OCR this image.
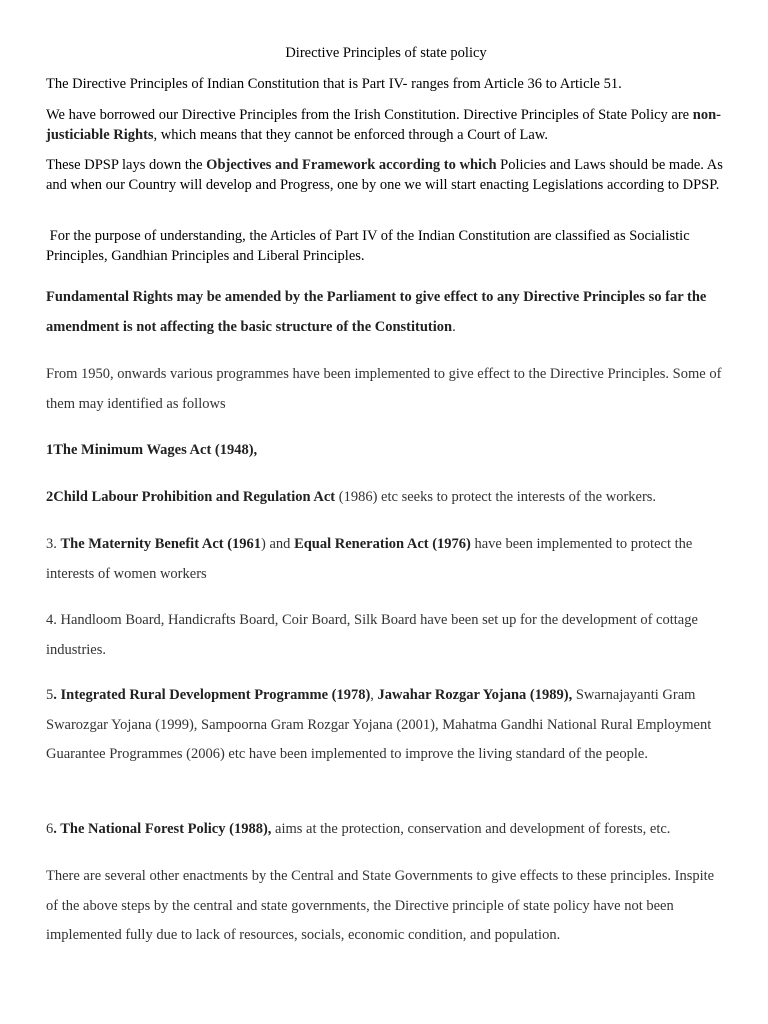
Directive Principles of state policy

The Directive Principles of Indian Constitution that is Part IV- ranges from Article 36 to Article 51.

We have borrowed our Directive Principles from the Irish Constitution. Directive Principles of State Policy are non-justiciable Rights, which means that they cannot be enforced through a Court of Law.

These DPSP lays down the Objectives and Framework according to which Policies and Laws should be made. As and when our Country will develop and Progress, one by one we will start enacting Legislations according to DPSP.

For the purpose of understanding, the Articles of Part IV of the Indian Constitution are classified as Socialistic Principles, Gandhian Principles and Liberal Principles.

Fundamental Rights may be amended by the Parliament to give effect to any Directive Principles so far the amendment is not affecting the basic structure of the Constitution.

From 1950, onwards various programmes have been implemented to give effect to the Directive Principles. Some of them may identified as follows

1The Minimum Wages Act (1948),

2Child Labour Prohibition and Regulation Act (1986) etc seeks to protect the interests of the workers.

3. The Maternity Benefit Act (1961) and Equal Reneration Act (1976) have been implemented to protect the interests of women workers

4. Handloom Board, Handicrafts Board, Coir Board, Silk Board have been set up for the development of cottage industries.

5. Integrated Rural Development Programme (1978), Jawahar Rozgar Yojana (1989), Swarnajayanti Gram Swarozgar Yojana (1999), Sampoorna Gram Rozgar Yojana (2001), Mahatma Gandhi National Rural Employment Guarantee Programmes (2006) etc have been implemented to improve the living standard of the people.

6. The National Forest Policy (1988), aims at the protection, conservation and development of forests, etc.

There are several other enactments by the Central and State Governments to give effects to these principles. Inspite of the above steps by the central and state governments, the Directive principle of state policy have not been implemented fully due to lack of resources, socials, economic condition, and population.
